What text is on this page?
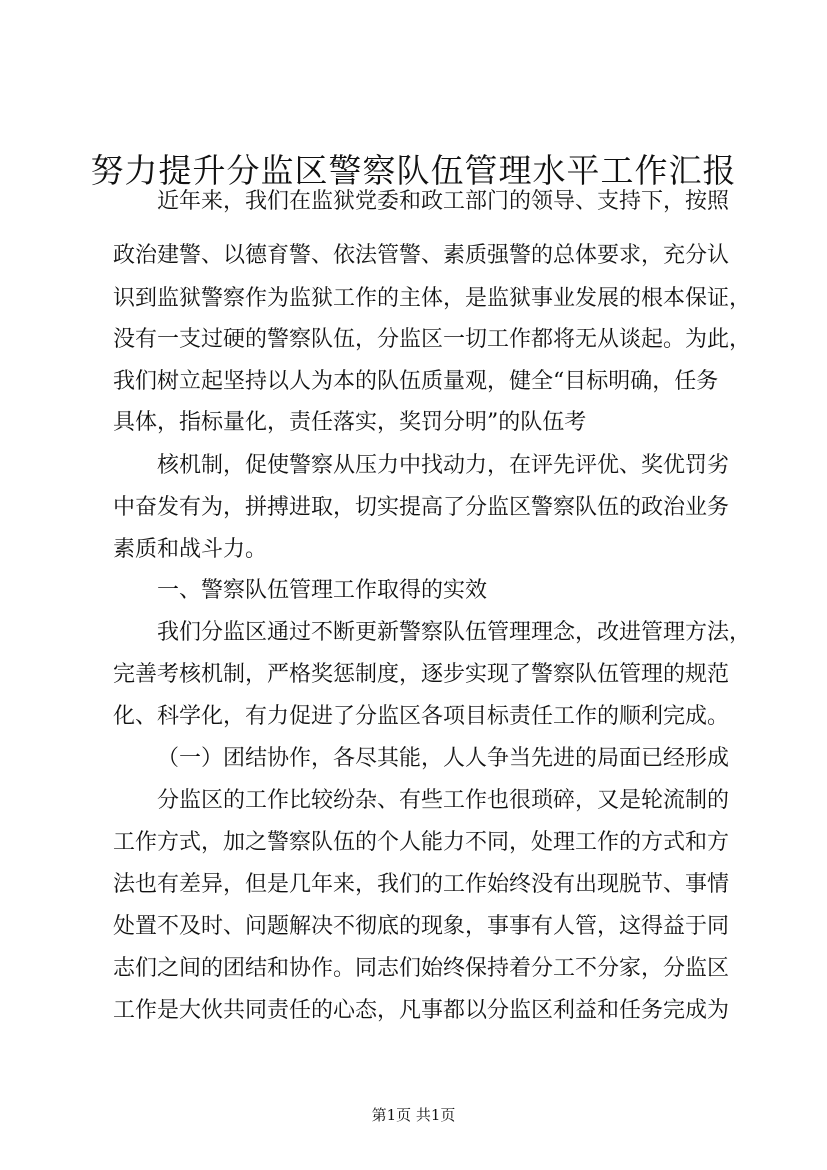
努力提升分监区警察队伍管理水平工作汇报
近年来，我们在监狱党委和政工部门的领导、支持下，按照
政治建警、以德育警、依法管警、素质强警的总体要求，充分认
识到监狱警察作为监狱工作的主体，是监狱事业发展的根本保证，
没有一支过硬的警察队伍，分监区一切工作都将无从谈起。为此，
我们树立起坚持以人为本的队伍质量观，健全“目标明确，任务
具体，指标量化，责任落实，奖罚分明”的队伍考
核机制，促使警察从压力中找动力，在评先评优、奖优罚劣
中奋发有为，拼搏进取，切实提高了分监区警察队伍的政治业务
素质和战斗力。
一、警察队伍管理工作取得的实效
我们分监区通过不断更新警察队伍管理理念，改进管理方法，
完善考核机制，严格奖惩制度，逐步实现了警察队伍管理的规范
化、科学化，有力促进了分监区各项目标责任工作的顺利完成。
（一）团结协作，各尽其能，人人争当先进的局面已经形成
分监区的工作比较纷杂、有些工作也很琐碎，又是轮流制的
工作方式，加之警察队伍的个人能力不同，处理工作的方式和方
法也有差异，但是几年来，我们的工作始终没有出现脱节、事情
处置不及时、问题解决不彻底的现象，事事有人管，这得益于同
志们之间的团结和协作。同志们始终保持着分工不分家，分监区
工作是大伙共同责任的心态，凡事都以分监区利益和任务完成为
第1页 共1页
